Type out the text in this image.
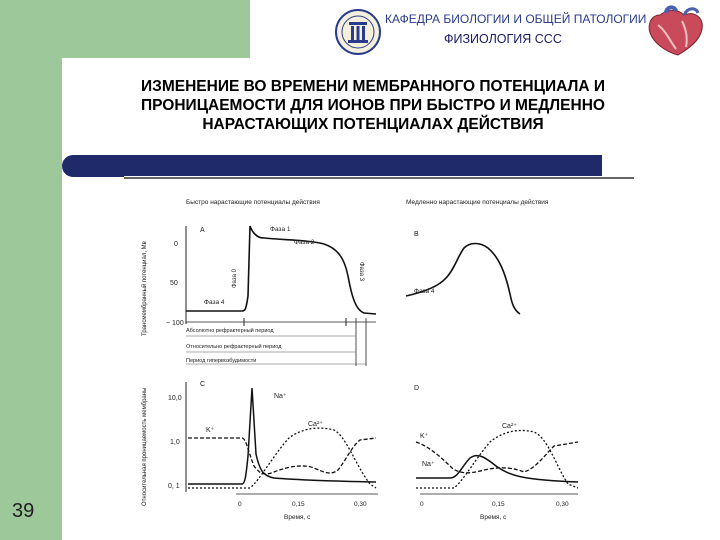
КАФЕДРА БИОЛОГИИ И ОБЩЕЙ ПАТОЛОГИИ
ФИЗИОЛОГИЯ ССС
ИЗМЕНЕНИЕ ВО ВРЕМЕНИ МЕМБРАННОГО ПОТЕНЦИАЛА И
ПРОНИЦАЕМОСТИ ДЛЯ ИОНОВ ПРИ БЫСТРО И МЕДЛЕННО
НАРАСТАЮЩИХ ПОТЕНЦИАЛАХ ДЕЙСТВИЯ
39
Быстро нарастающие потенциалы действия	Медленно нарастающие потенциалы действия
A
B
Трансмембранный потенциал, Мв	0
50
− 100
Фаза 1
Фаза 2
Фаза 0	Фаза 3
Фаза 4
Абсолютно рефрактерный период
Относительно рефрактерный период
Период гипервозбудимости
Фаза 4
C
D
Относительная проницаемость мембраны	10,0
1,0
0, 1
Na⁺
K⁺
Ca²⁺
0	0,15	0,30
Время, с
K⁺
Na⁺
Ca²⁺
0	0,15	0,30
Время, с
